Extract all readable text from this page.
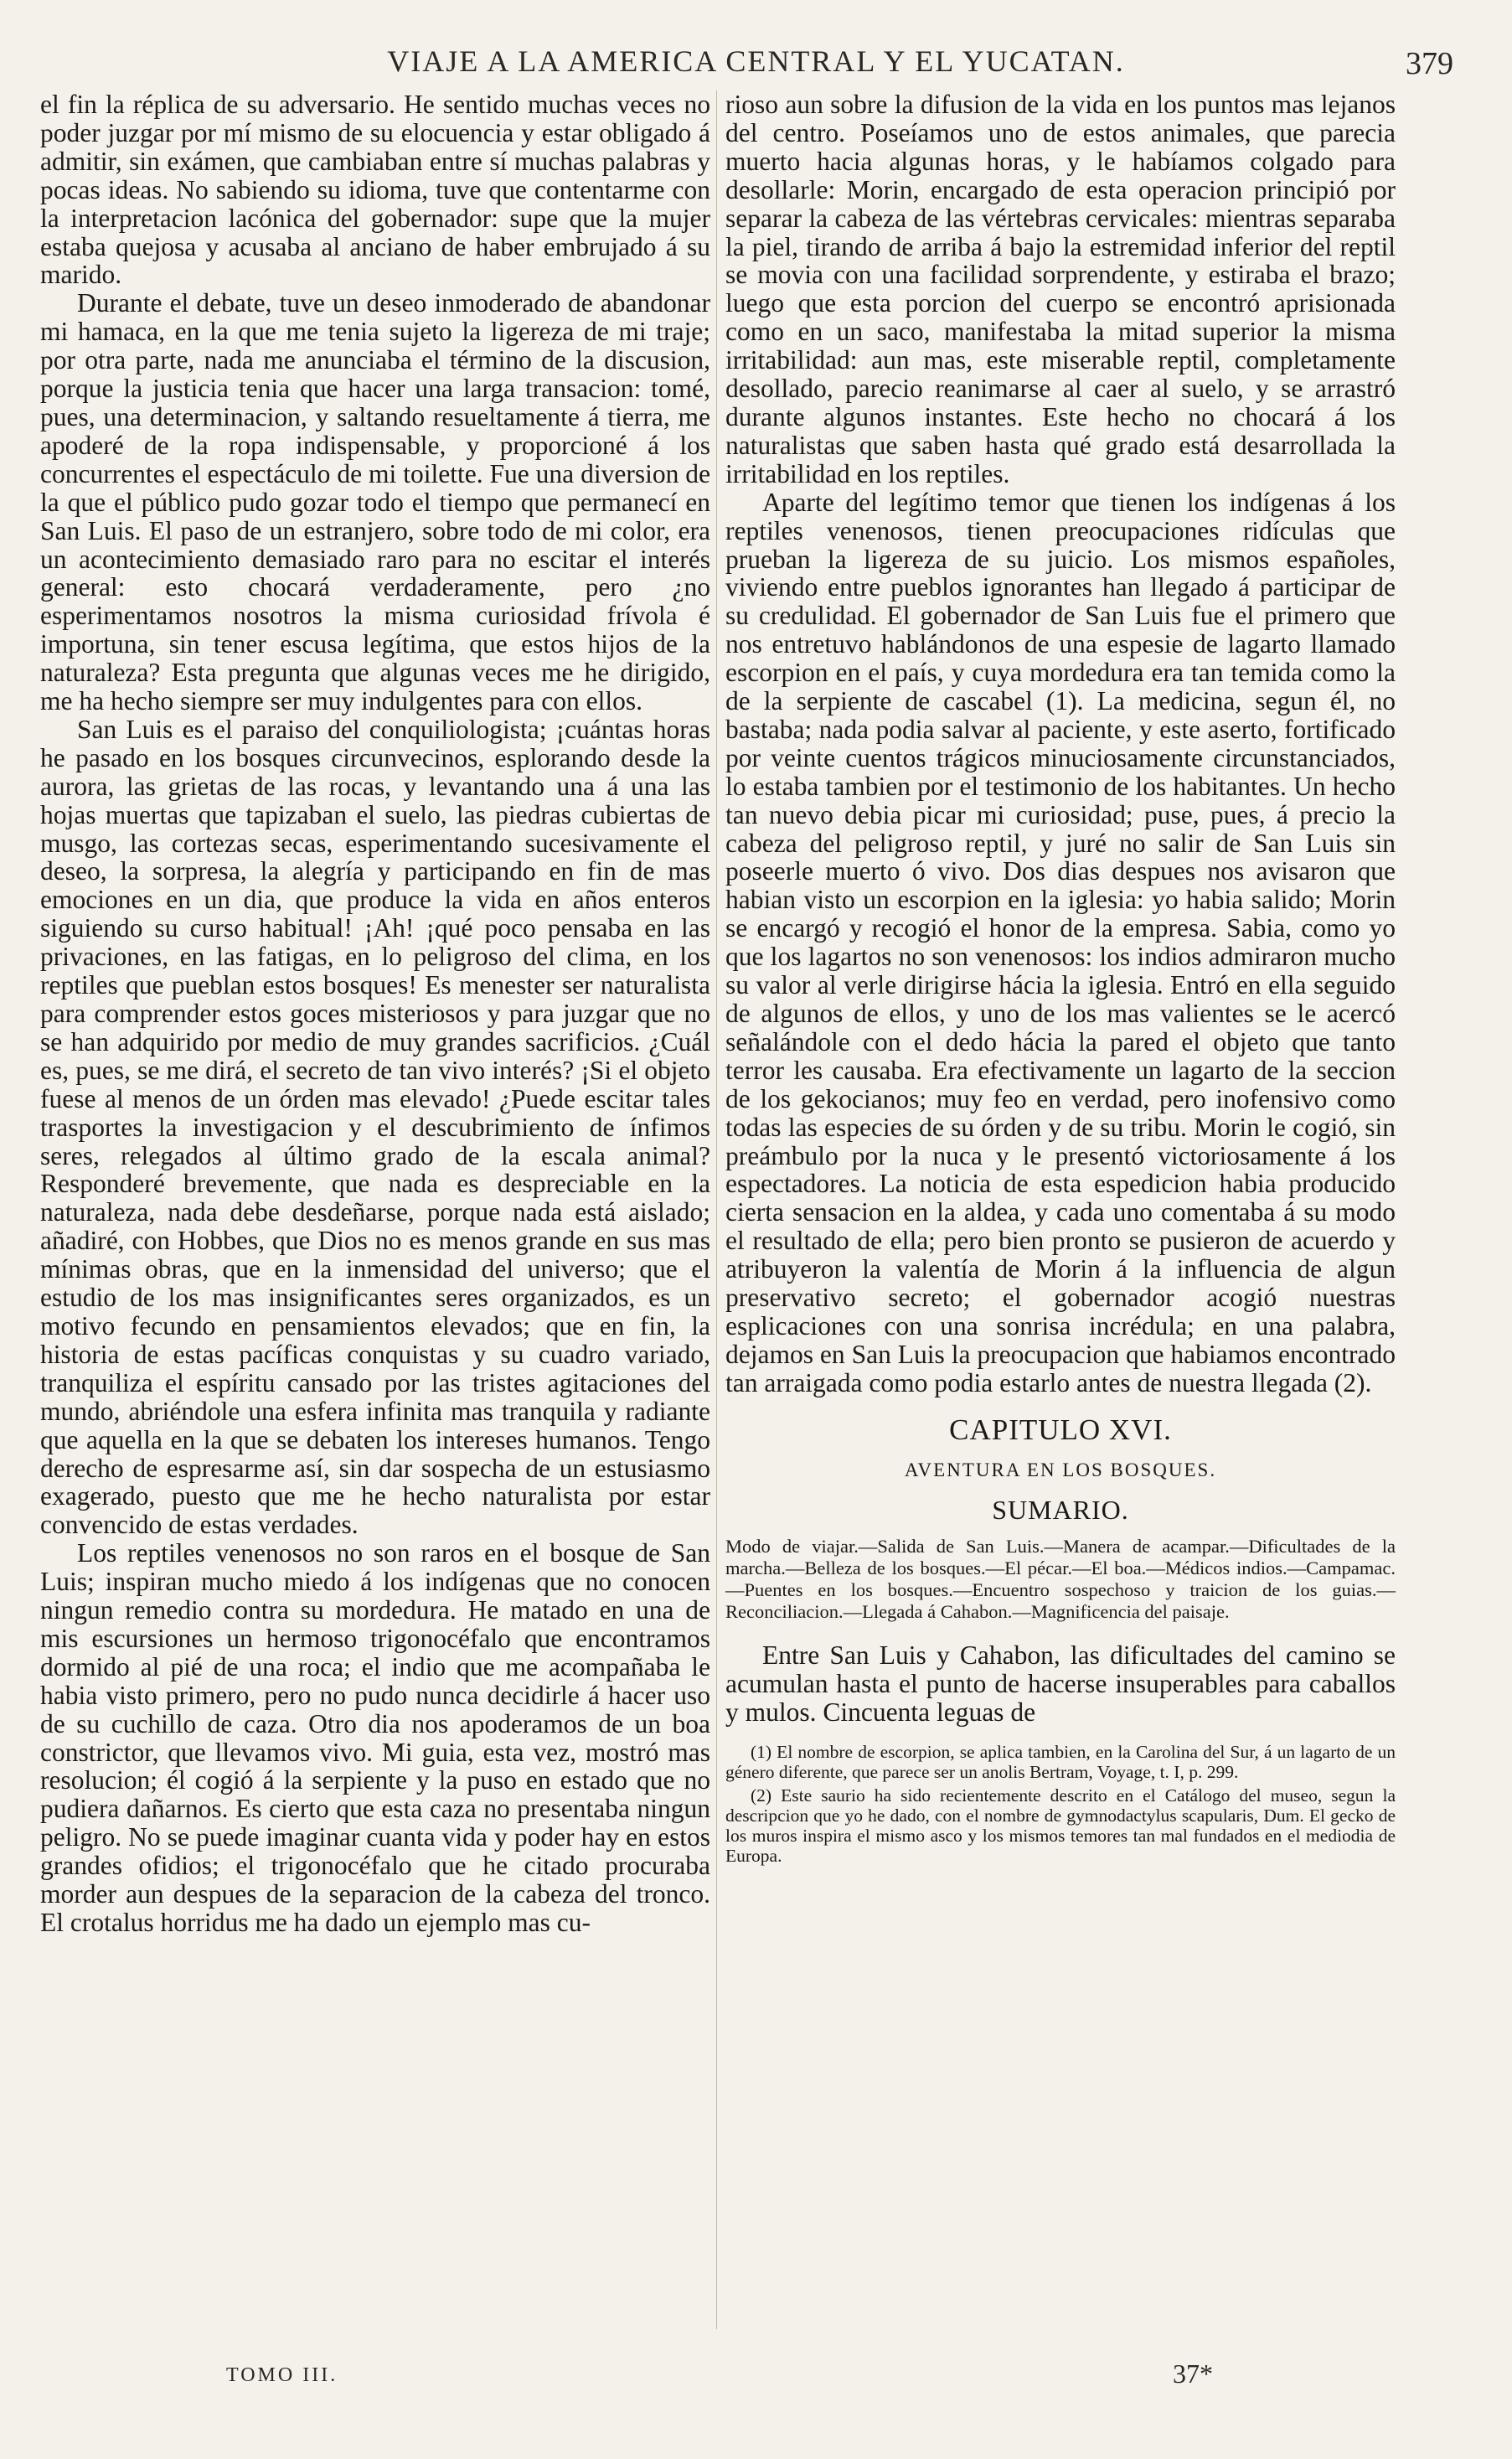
VIAJE A LA AMERICA CENTRAL Y EL YUCATAN.	379

el fin la réplica de su adversario. He sentido muchas veces no poder juzgar por mí mismo de su elocuencia y estar obligado á admitir, sin exámen, que cambiaban entre sí muchas palabras y pocas ideas. No sabiendo su idioma, tuve que contentarme con la interpretacion lacónica del gobernador: supe que la mujer estaba quejosa y acusaba al anciano de haber embrujado á su marido.

Durante el debate, tuve un deseo inmoderado de abandonar mi hamaca, en la que me tenia sujeto la ligereza de mi traje; por otra parte, nada me anunciaba el término de la discusion, porque la justicia tenia que hacer una larga transacion: tomé, pues, una determinacion, y saltando resueltamente á tierra, me apoderé de la ropa indispensable, y proporcioné á los concurrentes el espectáculo de mi toilette. Fue una diversion de la que el público pudo gozar todo el tiempo que permanecí en San Luis. El paso de un estranjero, sobre todo de mi color, era un acontecimiento demasiado raro para no escitar el interés general: esto chocará verdaderamente, pero ¿no esperimentamos nosotros la misma curiosidad frívola é importuna, sin tener escusa legítima, que estos hijos de la naturaleza? Esta pregunta que algunas veces me he dirigido, me ha hecho siempre ser muy indulgentes para con ellos.

San Luis es el paraiso del conquiliologista; ¡cuántas horas he pasado en los bosques circunvecinos, esplorando desde la aurora, las grietas de las rocas, y levantando una á una las hojas muertas que tapizaban el suelo, las piedras cubiertas de musgo, las cortezas secas, esperimentando sucesivamente el deseo, la sorpresa, la alegría y participando en fin de mas emociones en un dia, que produce la vida en años enteros siguiendo su curso habitual! ¡Ah! ¡qué poco pensaba en las privaciones, en las fatigas, en lo peligroso del clima, en los reptiles que pueblan estos bosques! Es menester ser naturalista para comprender estos goces misteriosos y para juzgar que no se han adquirido por medio de muy grandes sacrificios. ¿Cuál es, pues, se me dirá, el secreto de tan vivo interés? ¡Si el objeto fuese al menos de un órden mas elevado! ¿Puede escitar tales trasportes la investigacion y el descubrimiento de ínfimos seres, relegados al último grado de la escala animal? Responderé brevemente, que nada es despreciable en la naturaleza, nada debe desdeñarse, porque nada está aislado; añadiré, con Hobbes, que Dios no es menos grande en sus mas mínimas obras, que en la inmensidad del universo; que el estudio de los mas insignificantes seres organizados, es un motivo fecundo en pensamientos elevados; que en fin, la historia de estas pacíficas conquistas y su cuadro variado, tranquiliza el espíritu cansado por las tristes agitaciones del mundo, abriéndole una esfera infinita mas tranquila y radiante que aquella en la que se debaten los intereses humanos. Tengo derecho de espresarme así, sin dar sospecha de un estusiasmo exagerado, puesto que me he hecho naturalista por estar convencido de estas verdades.

Los reptiles venenosos no son raros en el bosque de San Luis; inspiran mucho miedo á los indígenas que no conocen ningun remedio contra su mordedura. He matado en una de mis escursiones un hermoso trigonocéfalo que encontramos dormido al pié de una roca; el indio que me acompañaba le habia visto primero, pero no pudo nunca decidirle á hacer uso de su cuchillo de caza. Otro dia nos apoderamos de un boa constrictor, que llevamos vivo. Mi guia, esta vez, mostró mas resolucion; él cogió á la serpiente y la puso en estado que no pudiera dañarnos. Es cierto que esta caza no presentaba ningun peligro. No se puede imaginar cuanta vida y poder hay en estos grandes ofidios; el trigonocéfalo que he citado procuraba morder aun despues de la separacion de la cabeza del tronco. El crotalus horridus me ha dado un ejemplo mas cu-

rioso aun sobre la difusion de la vida en los puntos mas lejanos del centro. Poseíamos uno de estos animales, que parecia muerto hacia algunas horas, y le habíamos colgado para desollarle: Morin, encargado de esta operacion principió por separar la cabeza de las vértebras cervicales: mientras separaba la piel, tirando de arriba á bajo la estremidad inferior del reptil se movia con una facilidad sorprendente, y estiraba el brazo; luego que esta porcion del cuerpo se encontró aprisionada como en un saco, manifestaba la mitad superior la misma irritabilidad: aun mas, este miserable reptil, completamente desollado, parecio reanimarse al caer al suelo, y se arrastró durante algunos instantes. Este hecho no chocará á los naturalistas que saben hasta qué grado está desarrollada la irritabilidad en los reptiles.

Aparte del legítimo temor que tienen los indígenas á los reptiles venenosos, tienen preocupaciones ridículas que prueban la ligereza de su juicio. Los mismos españoles, viviendo entre pueblos ignorantes han llegado á participar de su credulidad. El gobernador de San Luis fue el primero que nos entretuvo hablándonos de una espesie de lagarto llamado escorpion en el país, y cuya mordedura era tan temida como la de la serpiente de cascabel (1). La medicina, segun él, no bastaba; nada podia salvar al paciente, y este aserto, fortificado por veinte cuentos trágicos minuciosamente circunstanciados, lo estaba tambien por el testimonio de los habitantes. Un hecho tan nuevo debia picar mi curiosidad; puse, pues, á precio la cabeza del peligroso reptil, y juré no salir de San Luis sin poseerle muerto ó vivo. Dos dias despues nos avisaron que habian visto un escorpion en la iglesia: yo habia salido; Morin se encargó y recogió el honor de la empresa. Sabia, como yo que los lagartos no son venenosos: los indios admiraron mucho su valor al verle dirigirse hácia la iglesia. Entró en ella seguido de algunos de ellos, y uno de los mas valientes se le acercó señalándole con el dedo hácia la pared el objeto que tanto terror les causaba. Era efectivamente un lagarto de la seccion de los gekocianos; muy feo en verdad, pero inofensivo como todas las especies de su órden y de su tribu. Morin le cogió, sin preámbulo por la nuca y le presentó victoriosamente á los espectadores. La noticia de esta espedicion habia producido cierta sensacion en la aldea, y cada uno comentaba á su modo el resultado de ella; pero bien pronto se pusieron de acuerdo y atribuyeron la valentía de Morin á la influencia de algun preservativo secreto; el gobernador acogió nuestras esplicaciones con una sonrisa incrédula; en una palabra, dejamos en San Luis la preocupacion que habiamos encontrado tan arraigada como podia estarlo antes de nuestra llegada (2).

CAPITULO XVI.
AVENTURA EN LOS BOSQUES.
SUMARIO.

Modo de viajar.—Salida de San Luis.—Manera de acampar.—Dificultades de la marcha.—Belleza de los bosques.—El pécar.—El boa.—Médicos indios.—Campamac.—Puentes en los bosques.—Encuentro sospechoso y traicion de los guias.—Reconciliacion.—Llegada á Cahabon.—Magnificencia del paisaje.

Entre San Luis y Cahabon, las dificultades del camino se acumulan hasta el punto de hacerse insuperables para caballos y mulos. Cincuenta leguas de

(1) El nombre de escorpion, se aplica tambien, en la Carolina del Sur, á un lagarto de un género diferente, que parece ser un anolis Bertram, Voyage, t. I, p. 299.

(2) Este saurio ha sido recientemente descrito en el Catálogo del museo, segun la descripcion que yo he dado, con el nombre de gymnodactylus scapularis, Dum. El gecko de los muros inspira el mismo asco y los mismos temores tan mal fundados en el mediodia de Europa.

TOMO III.	37*
